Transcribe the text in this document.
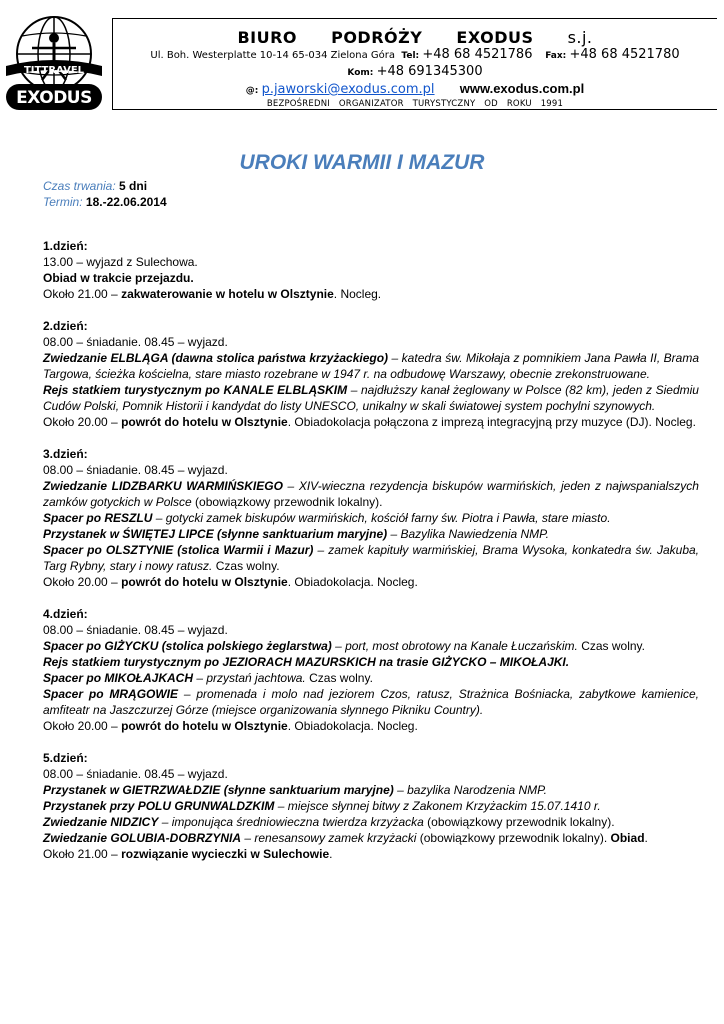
TITTRAVEL
EXODUS
BIURO PODRÓŻY EXODUS s.j.
Ul. Boh. Westerplatte 10-14 65-034 Zielona Góra Tel: +48 68 4521786 Fax: +48 68 4521780
Kom: +48 691345300
@: p.jaworski@exodus.com.pl www.exodus.com.pl
BEZPOŚREDNI ORGANIZATOR TURYSTYCZNY OD ROKU 1991
UROKI WARMII I MAZUR
Czas trwania: 5 dni
Termin: 18.-22.06.2014

1.dzień:

13.00 – wyjazd z Sulechowa.

Obiad w trakcie przejazdu.

Około 21.00 – zakwaterowanie w hotelu w Olsztynie. Nocleg.

2.dzień:

08.00 – śniadanie. 08.45 – wyjazd.

Zwiedzanie ELBLĄGA (dawna stolica państwa krzyżackiego) – katedra św. Mikołaja z pomnikiem Jana Pawła II, Brama Targowa, ścieżka kościelna, stare miasto rozebrane w 1947 r. na odbudowę Warszawy, obecnie zrekonstruowane.

Rejs statkiem turystycznym po KANALE ELBLĄSKIM – najdłuższy kanał żeglowany w Polsce (82 km), jeden z Siedmiu Cudów Polski, Pomnik Historii i kandydat do listy UNESCO, unikalny w skali światowej system pochylni szynowych.

Około 20.00 – powrót do hotelu w Olsztynie. Obiadokolacja połączona z imprezą integracyjną przy muzyce (DJ). Nocleg.

3.dzień:

08.00 – śniadanie. 08.45 – wyjazd.

Zwiedzanie LIDZBARKU WARMIŃSKIEGO – XIV-wieczna rezydencja biskupów warmińskich, jeden z najwspanialszych zamków gotyckich w Polsce (obowiązkowy przewodnik lokalny).

Spacer po RESZLU – gotycki zamek biskupów warmińskich, kościół farny św. Piotra i Pawła, stare miasto.

Przystanek w ŚWIĘTEJ LIPCE (słynne sanktuarium maryjne) – Bazylika Nawiedzenia NMP.

Spacer po OLSZTYNIE (stolica Warmii i Mazur) – zamek kapituły warmińskiej, Brama Wysoka, konkatedra św. Jakuba, Targ Rybny, stary i nowy ratusz. Czas wolny.

Około 20.00 – powrót do hotelu w Olsztynie. Obiadokolacja. Nocleg.

4.dzień:

08.00 – śniadanie. 08.45 – wyjazd.

Spacer po GIŻYCKU (stolica polskiego żeglarstwa) – port, most obrotowy na Kanale Łuczańskim. Czas wolny.

Rejs statkiem turystycznym po JEZIORACH MAZURSKICH na trasie GIŻYCKO – MIKOŁAJKI.

Spacer po MIKOŁAJKACH – przystań jachtowa. Czas wolny.

Spacer po MRĄGOWIE – promenada i molo nad jeziorem Czos, ratusz, Strażnica Bośniacka, zabytkowe kamienice, amfiteatr na Jaszczurzej Górze (miejsce organizowania słynnego Pikniku Country).

Około 20.00 – powrót do hotelu w Olsztynie. Obiadokolacja. Nocleg.

5.dzień:

08.00 – śniadanie. 08.45 – wyjazd.

Przystanek w GIETRZWAŁDZIE (słynne sanktuarium maryjne) – bazylika Narodzenia NMP.

Przystanek przy POLU GRUNWALDZKIM – miejsce słynnej bitwy z Zakonem Krzyżackim 15.07.1410 r.

Zwiedzanie NIDZICY – imponująca średniowieczna twierdza krzyżacka (obowiązkowy przewodnik lokalny).

Zwiedzanie GOLUBIA-DOBRZYNIA – renesansowy zamek krzyżacki (obowiązkowy przewodnik lokalny). Obiad.

Około 21.00 – rozwiązanie wycieczki w Sulechowie.
